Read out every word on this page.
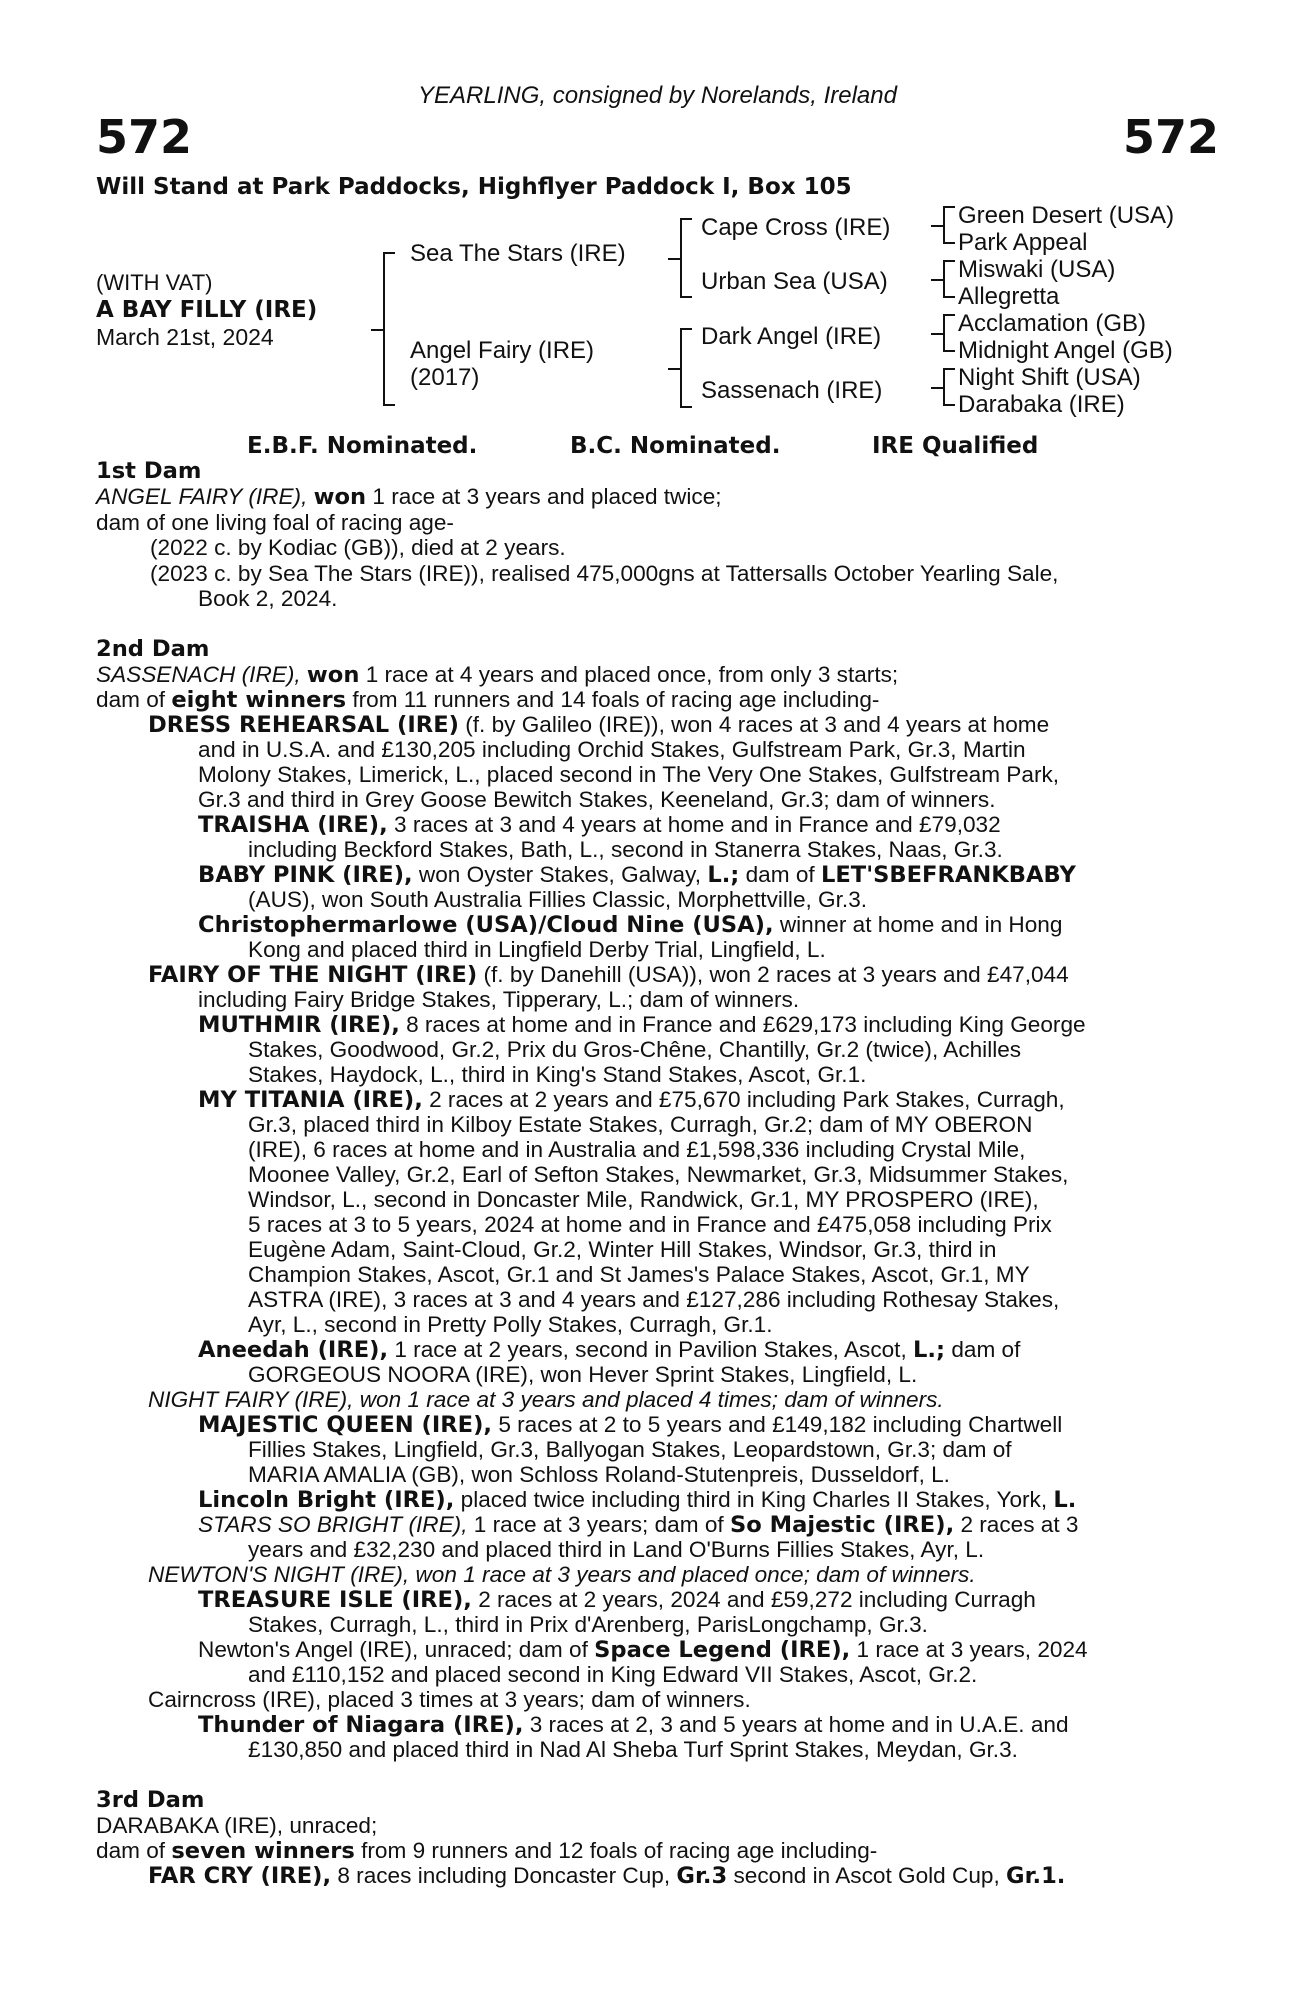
YEARLING, consigned by Norelands, Ireland
572	572
Will Stand at Park Paddocks, Highflyer Paddock I, Box 105
(WITH VAT)
A BAY FILLY (IRE)
March 21st, 2024
Sea The Stars (IRE)
Angel Fairy (IRE)
(2017)
Cape Cross (IRE)
Urban Sea (USA)
Dark Angel (IRE)
Sassenach (IRE)
Green Desert (USA)
Park Appeal
Miswaki (USA)
Allegretta
Acclamation (GB)
Midnight Angel (GB)
Night Shift (USA)
Darabaka (IRE)
E.B.F. Nominated.	B.C. Nominated.	IRE Qualified
1st Dam
ANGEL FAIRY (IRE), won 1 race at 3 years and placed twice;
dam of one living foal of racing age-
(2022 c. by Kodiac (GB)), died at 2 years.
(2023 c. by Sea The Stars (IRE)), realised 475,000gns at Tattersalls October Yearling Sale,
Book 2, 2024.
2nd Dam
SASSENACH (IRE), won 1 race at 4 years and placed once, from only 3 starts;
dam of eight winners from 11 runners and 14 foals of racing age including-
DRESS REHEARSAL (IRE) (f. by Galileo (IRE)), won 4 races at 3 and 4 years at home
and in U.S.A. and £130,205 including Orchid Stakes, Gulfstream Park, Gr.3, Martin
Molony Stakes, Limerick, L., placed second in The Very One Stakes, Gulfstream Park,
Gr.3 and third in Grey Goose Bewitch Stakes, Keeneland, Gr.3; dam of winners.
TRAISHA (IRE), 3 races at 3 and 4 years at home and in France and £79,032
including Beckford Stakes, Bath, L., second in Stanerra Stakes, Naas, Gr.3.
BABY PINK (IRE), won Oyster Stakes, Galway, L.; dam of LET'SBEFRANKBABY
(AUS), won South Australia Fillies Classic, Morphettville, Gr.3.
Christophermarlowe (USA)/Cloud Nine (USA), winner at home and in Hong
Kong and placed third in Lingfield Derby Trial, Lingfield, L.
FAIRY OF THE NIGHT (IRE) (f. by Danehill (USA)), won 2 races at 3 years and £47,044
including Fairy Bridge Stakes, Tipperary, L.; dam of winners.
MUTHMIR (IRE), 8 races at home and in France and £629,173 including King George
Stakes, Goodwood, Gr.2, Prix du Gros-Chêne, Chantilly, Gr.2 (twice), Achilles
Stakes, Haydock, L., third in King's Stand Stakes, Ascot, Gr.1.
MY TITANIA (IRE), 2 races at 2 years and £75,670 including Park Stakes, Curragh,
Gr.3, placed third in Kilboy Estate Stakes, Curragh, Gr.2; dam of MY OBERON
(IRE), 6 races at home and in Australia and £1,598,336 including Crystal Mile,
Moonee Valley, Gr.2, Earl of Sefton Stakes, Newmarket, Gr.3, Midsummer Stakes,
Windsor, L., second in Doncaster Mile, Randwick, Gr.1, MY PROSPERO (IRE),
5 races at 3 to 5 years, 2024 at home and in France and £475,058 including Prix
Eugène Adam, Saint-Cloud, Gr.2, Winter Hill Stakes, Windsor, Gr.3, third in
Champion Stakes, Ascot, Gr.1 and St James's Palace Stakes, Ascot, Gr.1, MY
ASTRA (IRE), 3 races at 3 and 4 years and £127,286 including Rothesay Stakes,
Ayr, L., second in Pretty Polly Stakes, Curragh, Gr.1.
Aneedah (IRE), 1 race at 2 years, second in Pavilion Stakes, Ascot, L.; dam of
GORGEOUS NOORA (IRE), won Hever Sprint Stakes, Lingfield, L.
NIGHT FAIRY (IRE), won 1 race at 3 years and placed 4 times; dam of winners.
MAJESTIC QUEEN (IRE), 5 races at 2 to 5 years and £149,182 including Chartwell
Fillies Stakes, Lingfield, Gr.3, Ballyogan Stakes, Leopardstown, Gr.3; dam of
MARIA AMALIA (GB), won Schloss Roland-Stutenpreis, Dusseldorf, L.
Lincoln Bright (IRE), placed twice including third in King Charles II Stakes, York, L.
STARS SO BRIGHT (IRE), 1 race at 3 years; dam of So Majestic (IRE), 2 races at 3
years and £32,230 and placed third in Land O'Burns Fillies Stakes, Ayr, L.
NEWTON'S NIGHT (IRE), won 1 race at 3 years and placed once; dam of winners.
TREASURE ISLE (IRE), 2 races at 2 years, 2024 and £59,272 including Curragh
Stakes, Curragh, L., third in Prix d'Arenberg, ParisLongchamp, Gr.3.
Newton's Angel (IRE), unraced; dam of Space Legend (IRE), 1 race at 3 years, 2024
and £110,152 and placed second in King Edward VII Stakes, Ascot, Gr.2.
Cairncross (IRE), placed 3 times at 3 years; dam of winners.
Thunder of Niagara (IRE), 3 races at 2, 3 and 5 years at home and in U.A.E. and
£130,850 and placed third in Nad Al Sheba Turf Sprint Stakes, Meydan, Gr.3.
3rd Dam
DARABAKA (IRE), unraced;
dam of seven winners from 9 runners and 12 foals of racing age including-
FAR CRY (IRE), 8 races including Doncaster Cup, Gr.3 second in Ascot Gold Cup, Gr.1.
